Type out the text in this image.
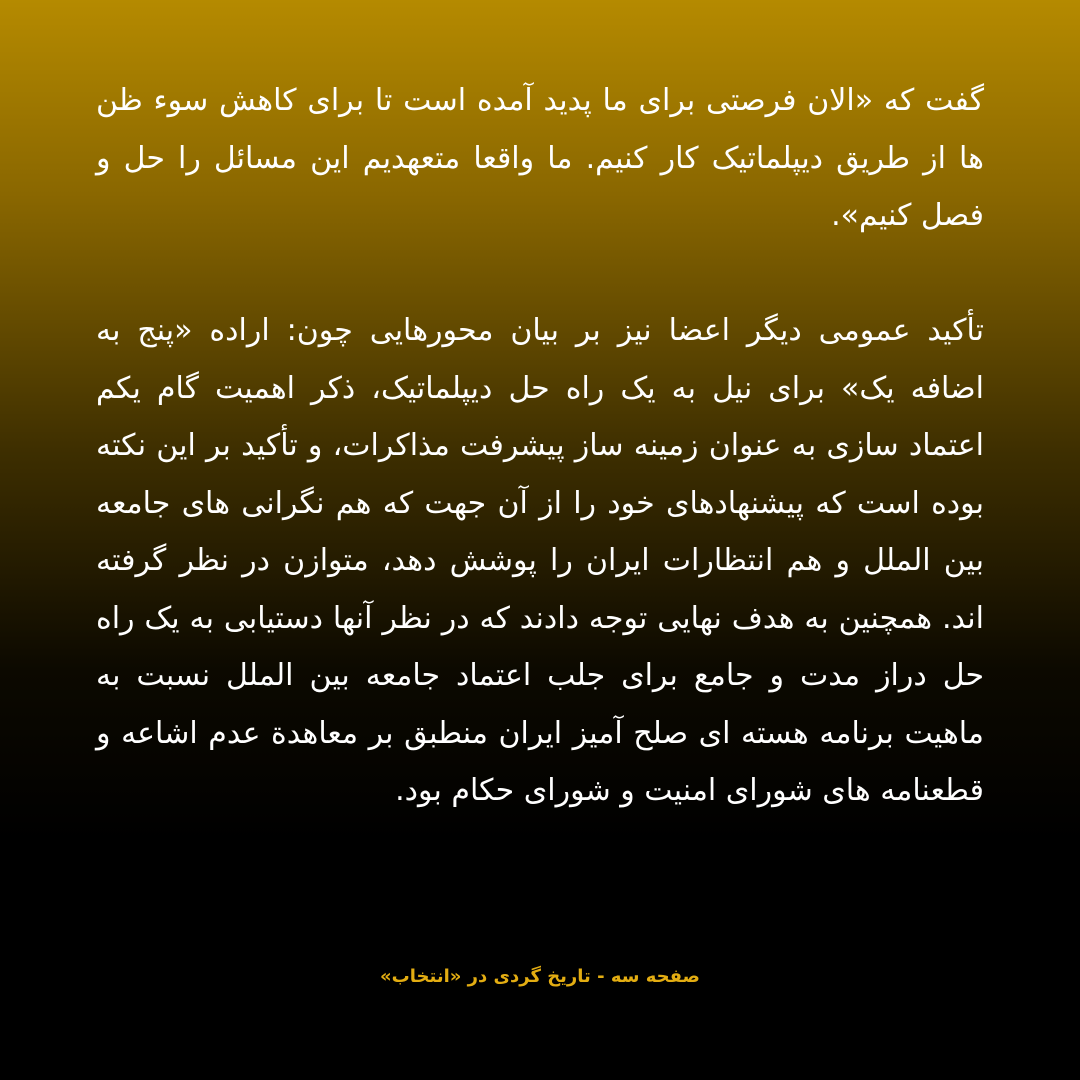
گفت که «الان فرصتی برای ما پدید آمده است تا برای کاهش سوء ظن ها از طریق دیپلماتیک کار کنیم. ما واقعا متعهدیم این مسائل را حل و فصل کنیم».

تأکید عمومی دیگر اعضا نیز بر بیان محورهایی چون: اراده «پنج به اضافه یک» برای نیل به یک راه حل دیپلماتیک، ذکر اهمیت گام یکم اعتماد سازی به عنوان زمینه ساز پیشرفت مذاکرات، و تأکید بر این نکته بوده است که پیشنهادهای خود را از آن جهت که هم نگرانی های جامعه بین الملل و هم انتظارات ایران را پوشش دهد، متوازن در نظر گرفته اند. همچنین به هدف نهایی توجه دادند که در نظر آنها دستیابی به یک راه حل دراز مدت و جامع برای جلب اعتماد جامعه بین الملل نسبت به ماهیت برنامه هسته ای صلح آمیز ایران منطبق بر معاهدة عدم اشاعه و قطعنامه های شورای امنیت و شورای حکام بود.

صفحه سه - تاریخ گردی در «انتخاب»
